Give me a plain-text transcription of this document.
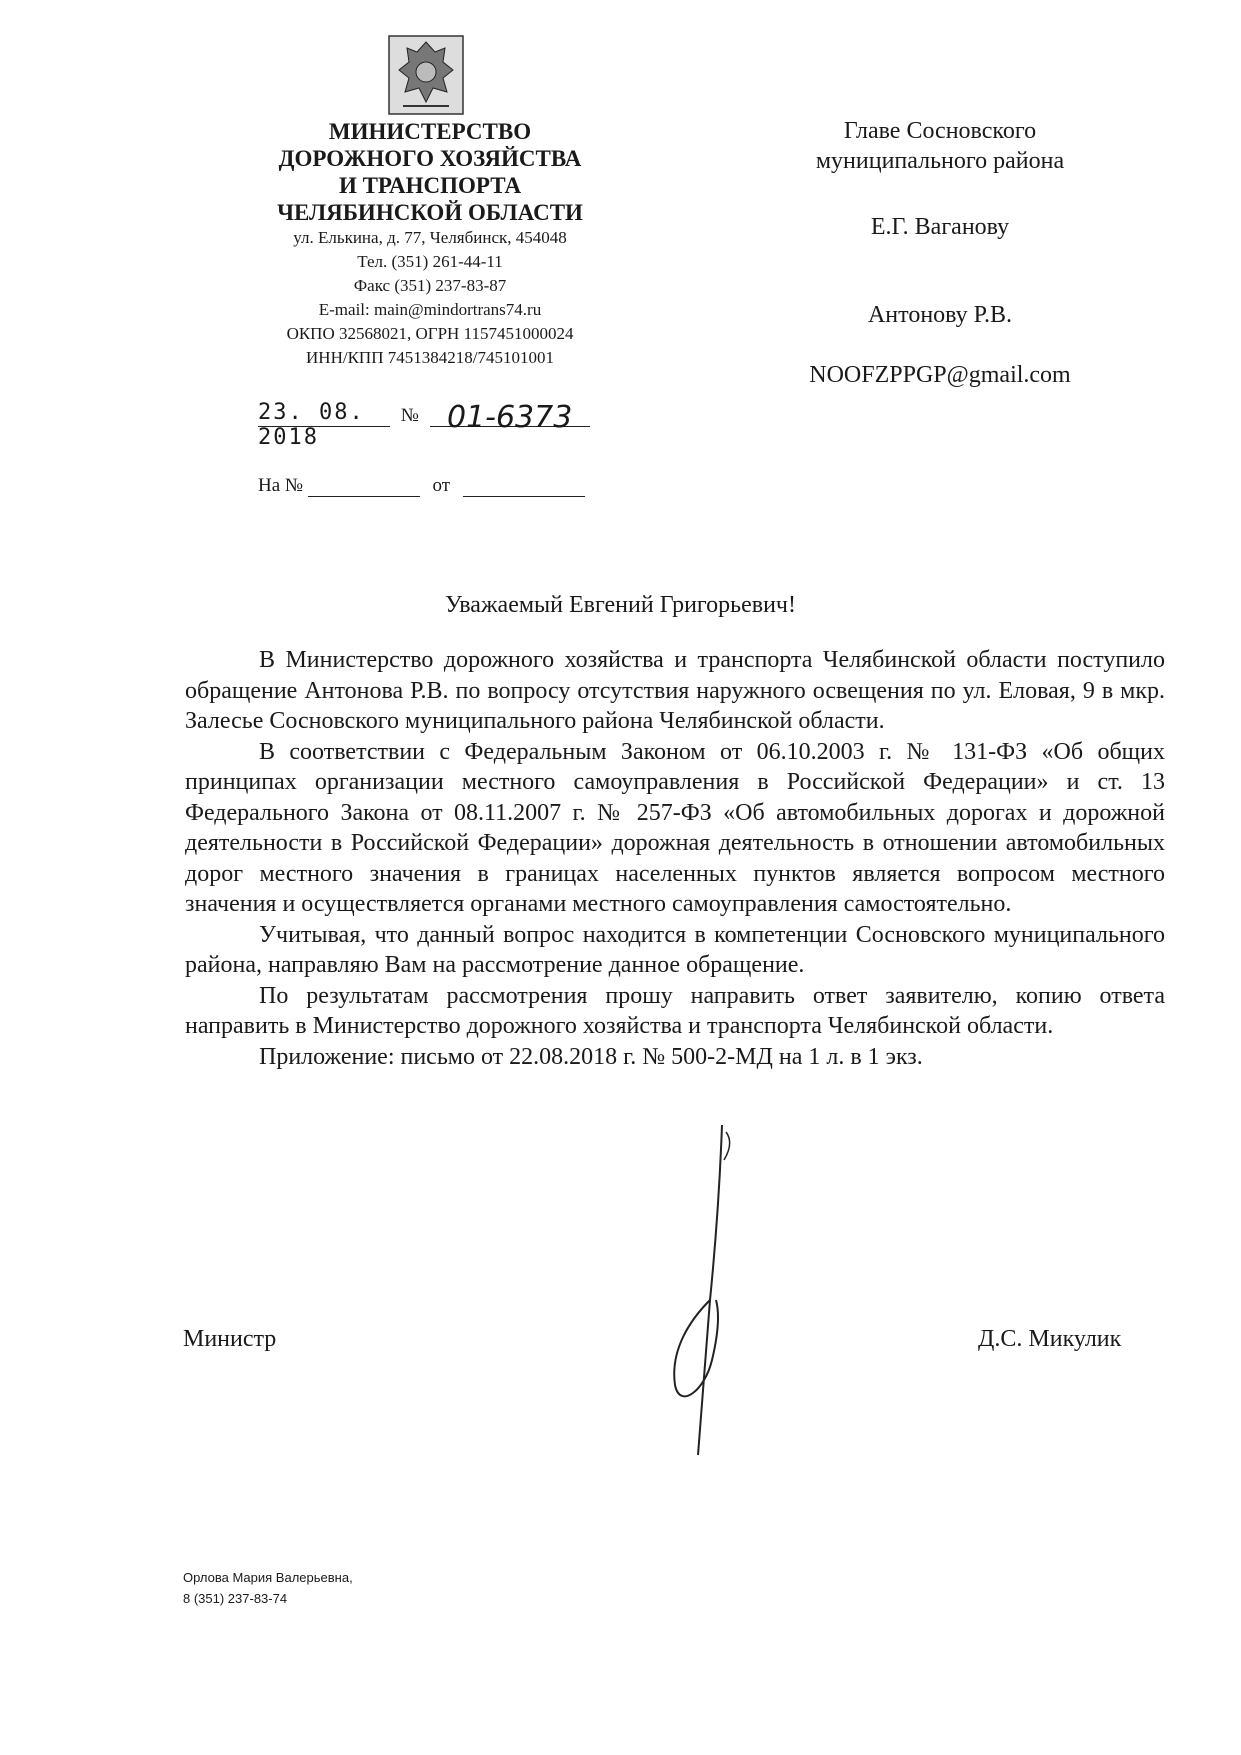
МИНИСТЕРСТВО
ДОРОЖНОГО ХОЗЯЙСТВА
И ТРАНСПОРТА
ЧЕЛЯБИНСКОЙ ОБЛАСТИ
ул. Елькина, д. 77, Челябинск, 454048
Тел. (351) 261-44-11
Факс (351) 237-83-87
E-mail: main@mindortrans74.ru
ОКПО 32568021, ОГРН 1157451000024
ИНН/КПП 7451384218/745101001
23. 08. 2018 № 01-6373
На №	от
Главе Сосновского
муниципального района
Е.Г. Ваганову
Антонову Р.В.
NOOFZPPGP@gmail.com
Уважаемый Евгений Григорьевич!

В Министерство дорожного хозяйства и транспорта Челябинской области поступило обращение Антонова Р.В. по вопросу отсутствия наружного освещения по ул. Еловая, 9 в мкр. Залесье Сосновского муниципального района Челябинской области.

В соответствии с Федеральным Законом от 06.10.2003 г. № 131-ФЗ «Об общих принципах организации местного самоуправления в Российской Федерации» и ст. 13 Федерального Закона от 08.11.2007 г. № 257-ФЗ «Об автомобильных дорогах и дорожной деятельности в Российской Федерации» дорожная деятельность в отношении автомобильных дорог местного значения в границах населенных пунктов является вопросом местного значения и осуществляется органами местного самоуправления самостоятельно.

Учитывая, что данный вопрос находится в компетенции Сосновского муниципального района, направляю Вам на рассмотрение данное обращение.

По результатам рассмотрения прошу направить ответ заявителю, копию ответа направить в Министерство дорожного хозяйства и транспорта Челябинской области.

Приложение: письмо от 22.08.2018 г. № 500-2-МД на 1 л. в 1 экз.

Министр	Д.С. Микулик
Орлова Мария Валерьевна,
8 (351) 237-83-74
